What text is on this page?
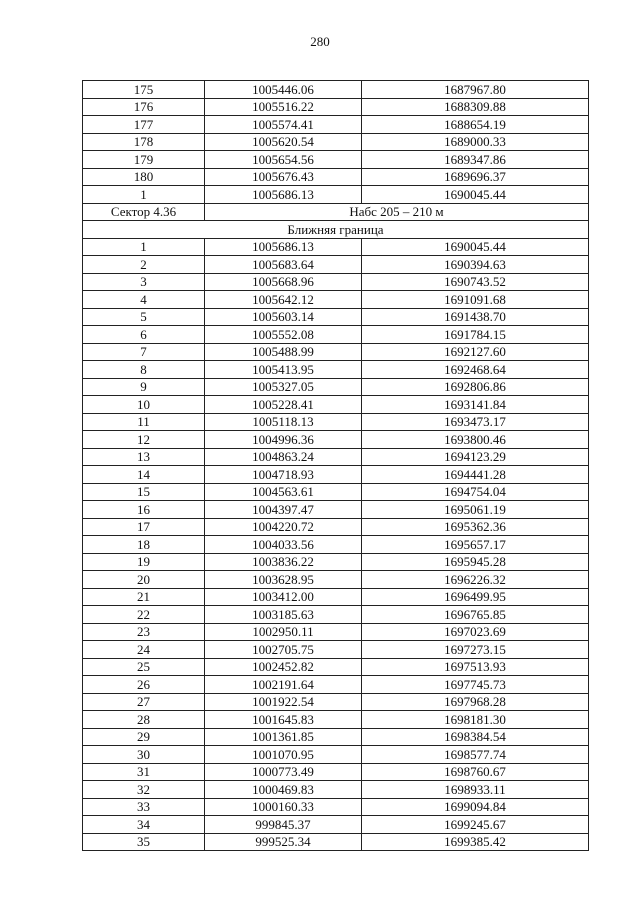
280
175	1005446.06	1687967.80
176	1005516.22	1688309.88
177	1005574.41	1688654.19
178	1005620.54	1689000.33
179	1005654.56	1689347.86
180	1005676.43	1689696.37
1	1005686.13	1690045.44
Сектор 4.36	Набс 205 – 210 м	
Ближняя граница		
1	1005686.13	1690045.44
2	1005683.64	1690394.63
3	1005668.96	1690743.52
4	1005642.12	1691091.68
5	1005603.14	1691438.70
6	1005552.08	1691784.15
7	1005488.99	1692127.60
8	1005413.95	1692468.64
9	1005327.05	1692806.86
10	1005228.41	1693141.84
11	1005118.13	1693473.17
12	1004996.36	1693800.46
13	1004863.24	1694123.29
14	1004718.93	1694441.28
15	1004563.61	1694754.04
16	1004397.47	1695061.19
17	1004220.72	1695362.36
18	1004033.56	1695657.17
19	1003836.22	1695945.28
20	1003628.95	1696226.32
21	1003412.00	1696499.95
22	1003185.63	1696765.85
23	1002950.11	1697023.69
24	1002705.75	1697273.15
25	1002452.82	1697513.93
26	1002191.64	1697745.73
27	1001922.54	1697968.28
28	1001645.83	1698181.30
29	1001361.85	1698384.54
30	1001070.95	1698577.74
31	1000773.49	1698760.67
32	1000469.83	1698933.11
33	1000160.33	1699094.84
34	999845.37	1699245.67
35	999525.34	1699385.42
